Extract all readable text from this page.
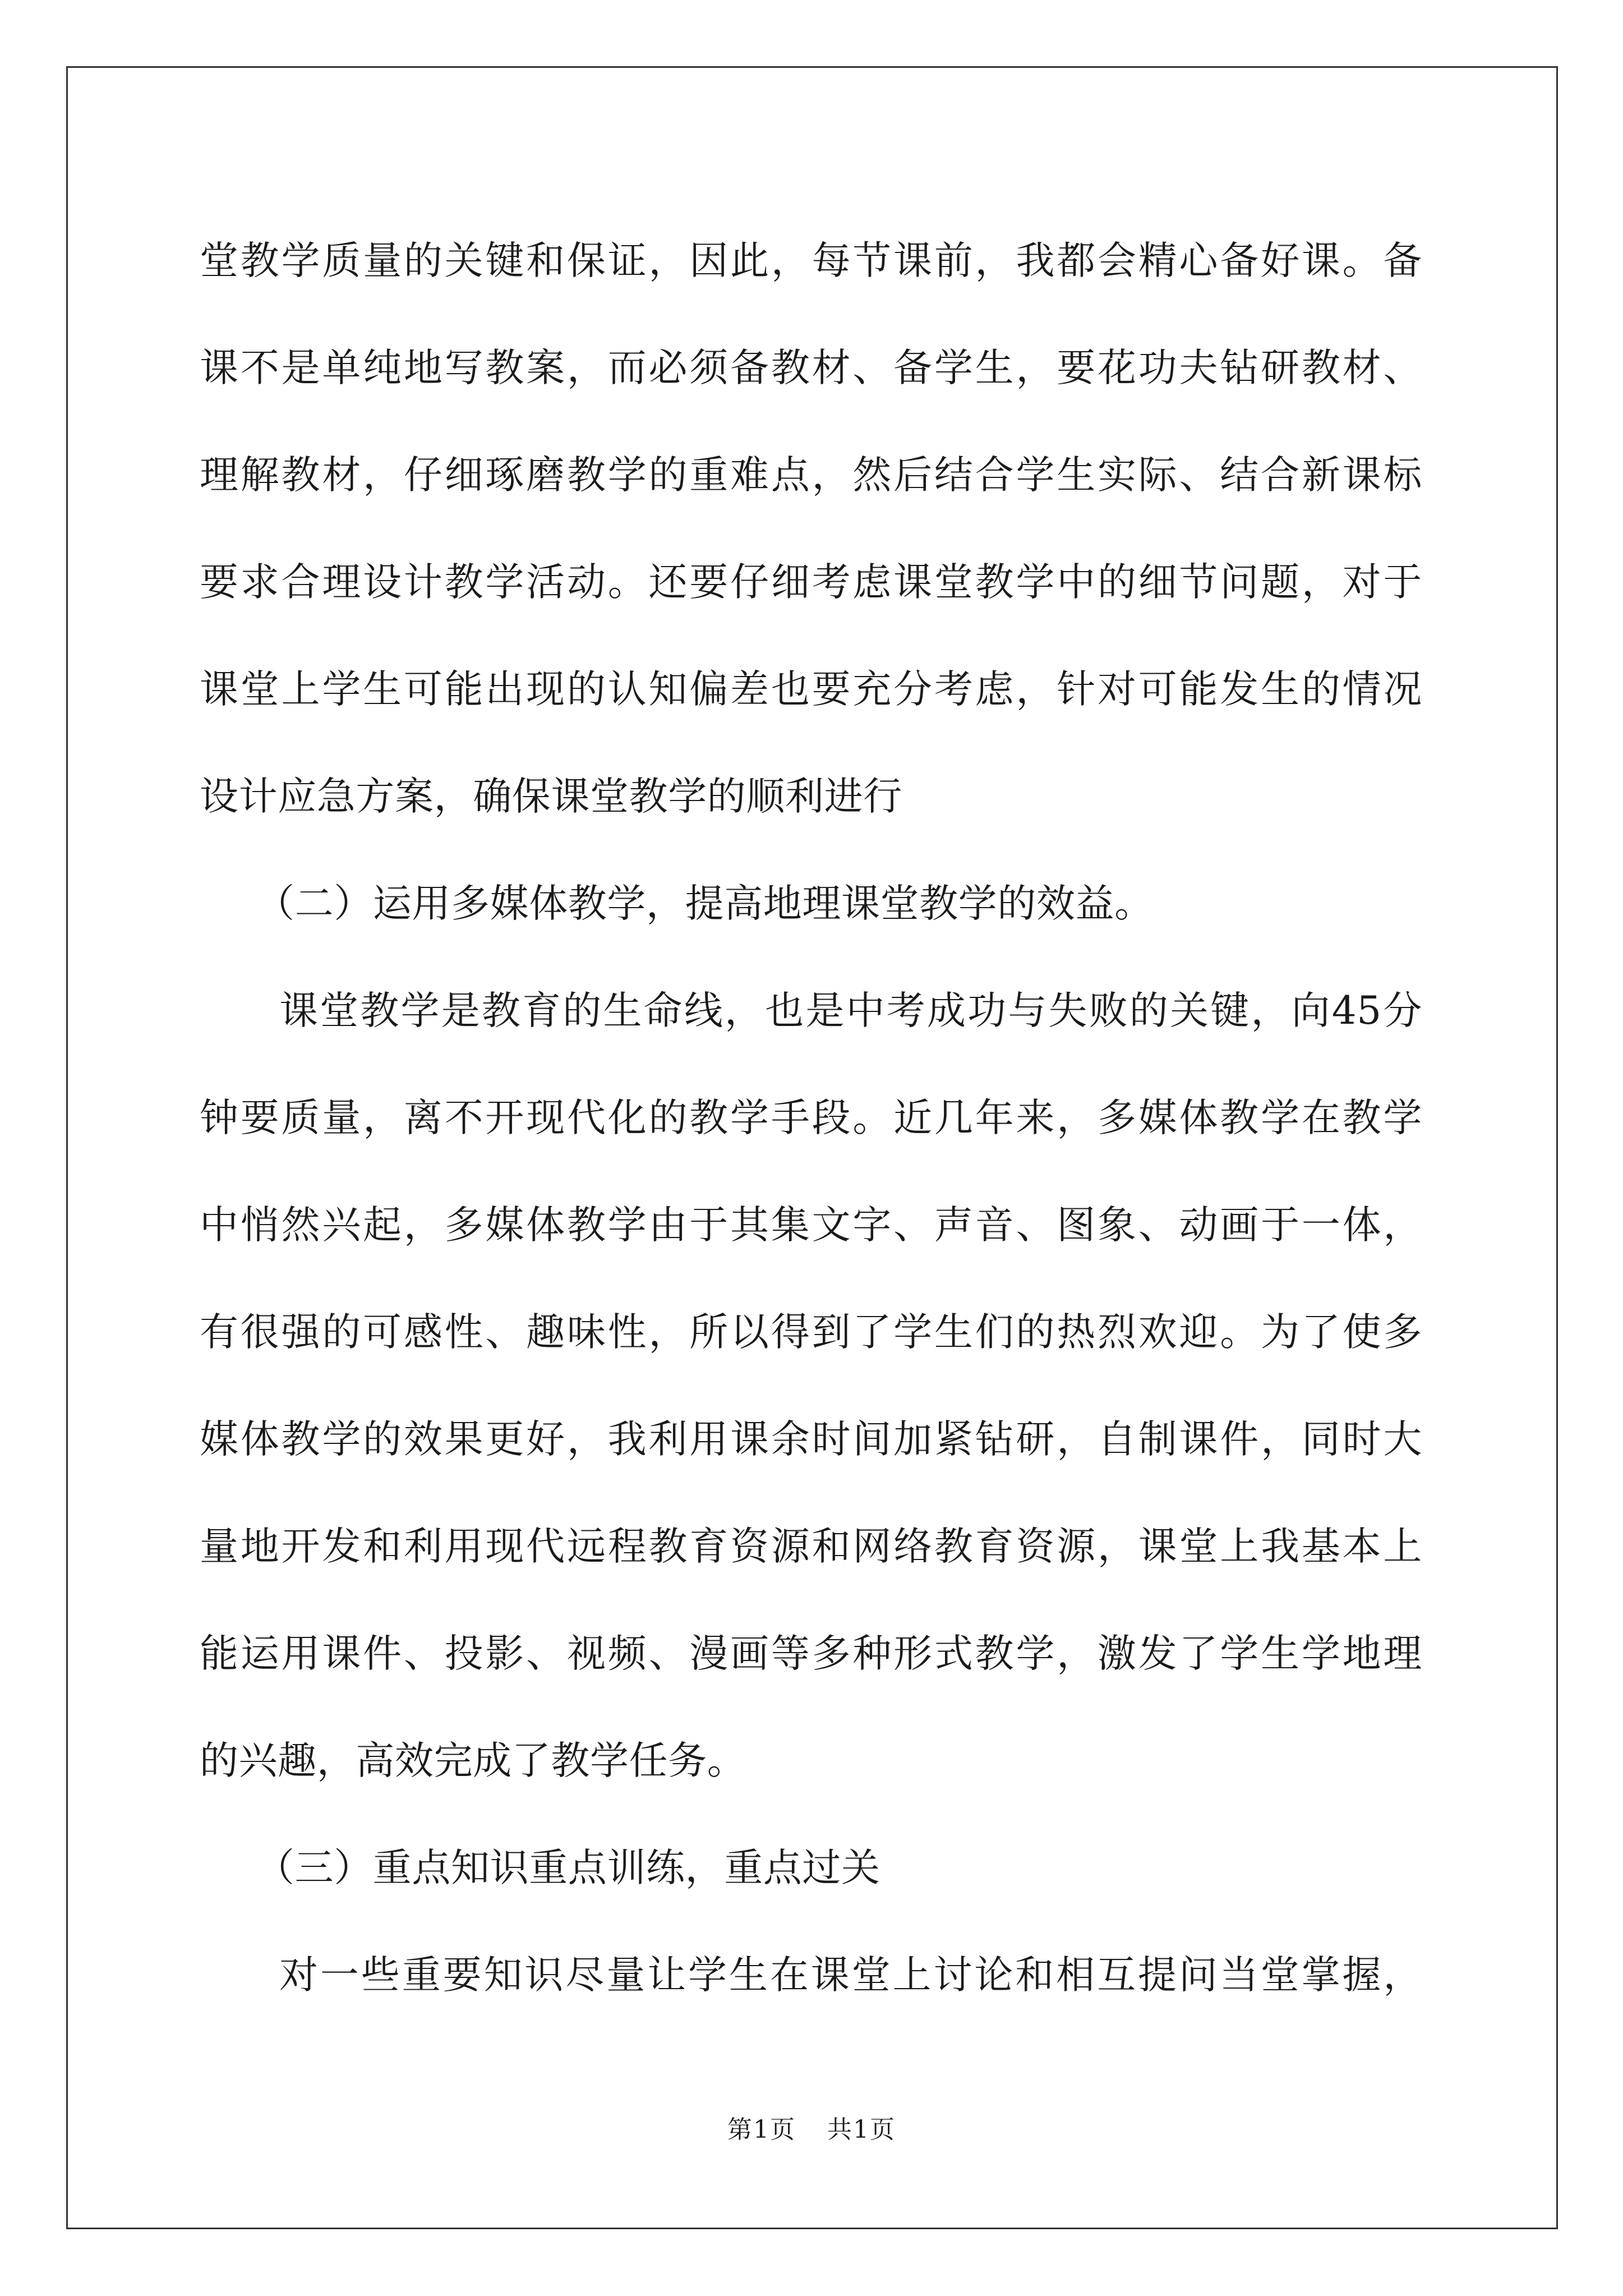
堂教学质量的关键和保证，因此，每节课前，我都会精心备好课。备
课不是单纯地写教案，而必须备教材、备学生，要花功夫钻研教材、
理解教材，仔细琢磨教学的重难点，然后结合学生实际、结合新课标
要求合理设计教学活动。还要仔细考虑课堂教学中的细节问题，对于
课堂上学生可能出现的认知偏差也要充分考虑，针对可能发生的情况
设计应急方案，确保课堂教学的顺利进行
（二）运用多媒体教学，提高地理课堂教学的效益。
课堂教学是教育的生命线，也是中考成功与失败的关键，向45分
钟要质量，离不开现代化的教学手段。近几年来，多媒体教学在教学
中悄然兴起，多媒体教学由于其集文字、声音、图象、动画于一体，
有很强的可感性、趣味性，所以得到了学生们的热烈欢迎。为了使多
媒体教学的效果更好，我利用课余时间加紧钻研，自制课件，同时大
量地开发和利用现代远程教育资源和网络教育资源，课堂上我基本上
能运用课件、投影、视频、漫画等多种形式教学，激发了学生学地理
的兴趣，高效完成了教学任务。
（三）重点知识重点训练，重点过关
对一些重要知识尽量让学生在课堂上讨论和相互提问当堂掌握，
第1页 共1页
